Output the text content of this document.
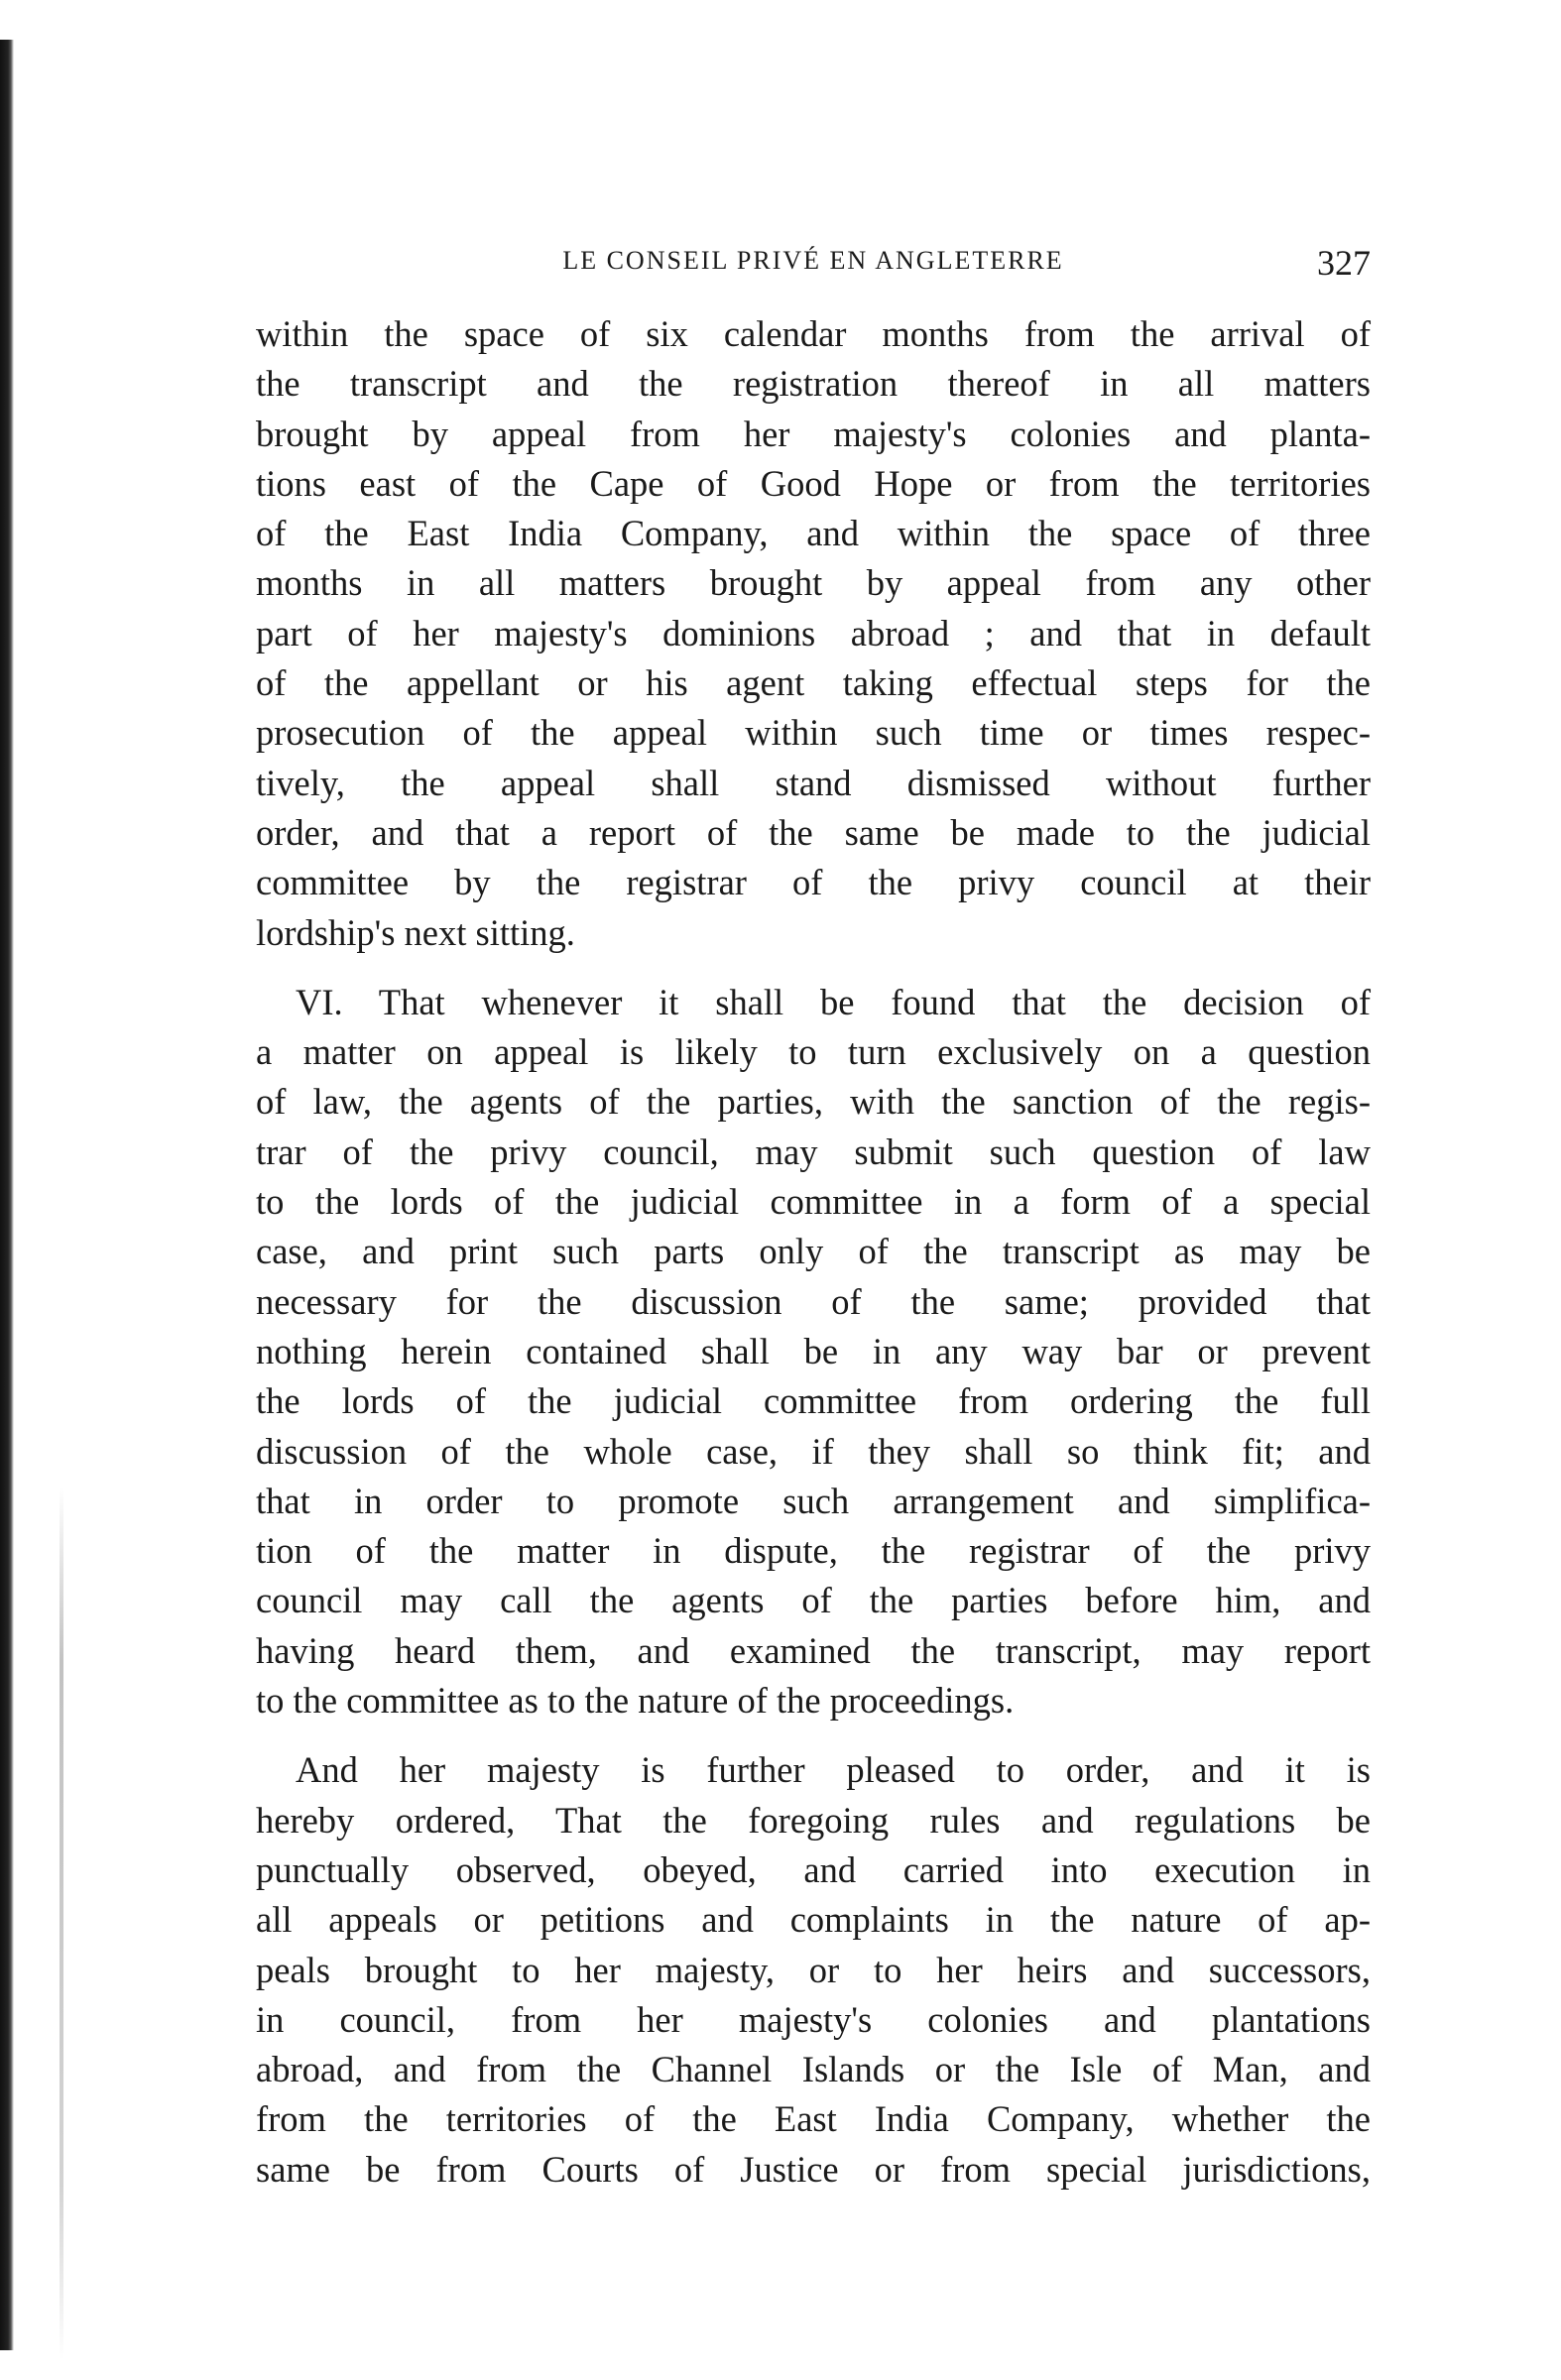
LE CONSEIL PRIVÉ EN ANGLETERRE	327
within the space of six calendar months from the arrival of
the transcript and the registration thereof in all matters
brought by appeal from her majesty's colonies and planta-
tions east of the Cape of Good Hope or from the territories
of the East India Company, and within the space of three
months in all matters brought by appeal from any other
part of her majesty's dominions abroad ; and that in default
of the appellant or his agent taking effectual steps for the
prosecution of the appeal within such time or times respec-
tively, the appeal shall stand dismissed without further
order, and that a report of the same be made to the judicial
committee by the registrar of the privy council at their
lordship's next sitting.
VI. That whenever it shall be found that the decision of
a matter on appeal is likely to turn exclusively on a question
of law, the agents of the parties, with the sanction of the regis-
trar of the privy council, may submit such question of law
to the lords of the judicial committee in a form of a special
case, and print such parts only of the transcript as may be
necessary for the discussion of the same; provided that
nothing herein contained shall be in any way bar or prevent
the lords of the judicial committee from ordering the full
discussion of the whole case, if they shall so think fit; and
that in order to promote such arrangement and simplifica-
tion of the matter in dispute, the registrar of the privy
council may call the agents of the parties before him, and
having heard them, and examined the transcript, may report
to the committee as to the nature of the proceedings.
And her majesty is further pleased to order, and it is
hereby ordered, That the foregoing rules and regulations be
punctually observed, obeyed, and carried into execution in
all appeals or petitions and complaints in the nature of ap-
peals brought to her majesty, or to her heirs and successors,
in council, from her majesty's colonies and plantations
abroad, and from the Channel Islands or the Isle of Man, and
from the territories of the East India Company, whether the
same be from Courts of Justice or from special jurisdictions,
